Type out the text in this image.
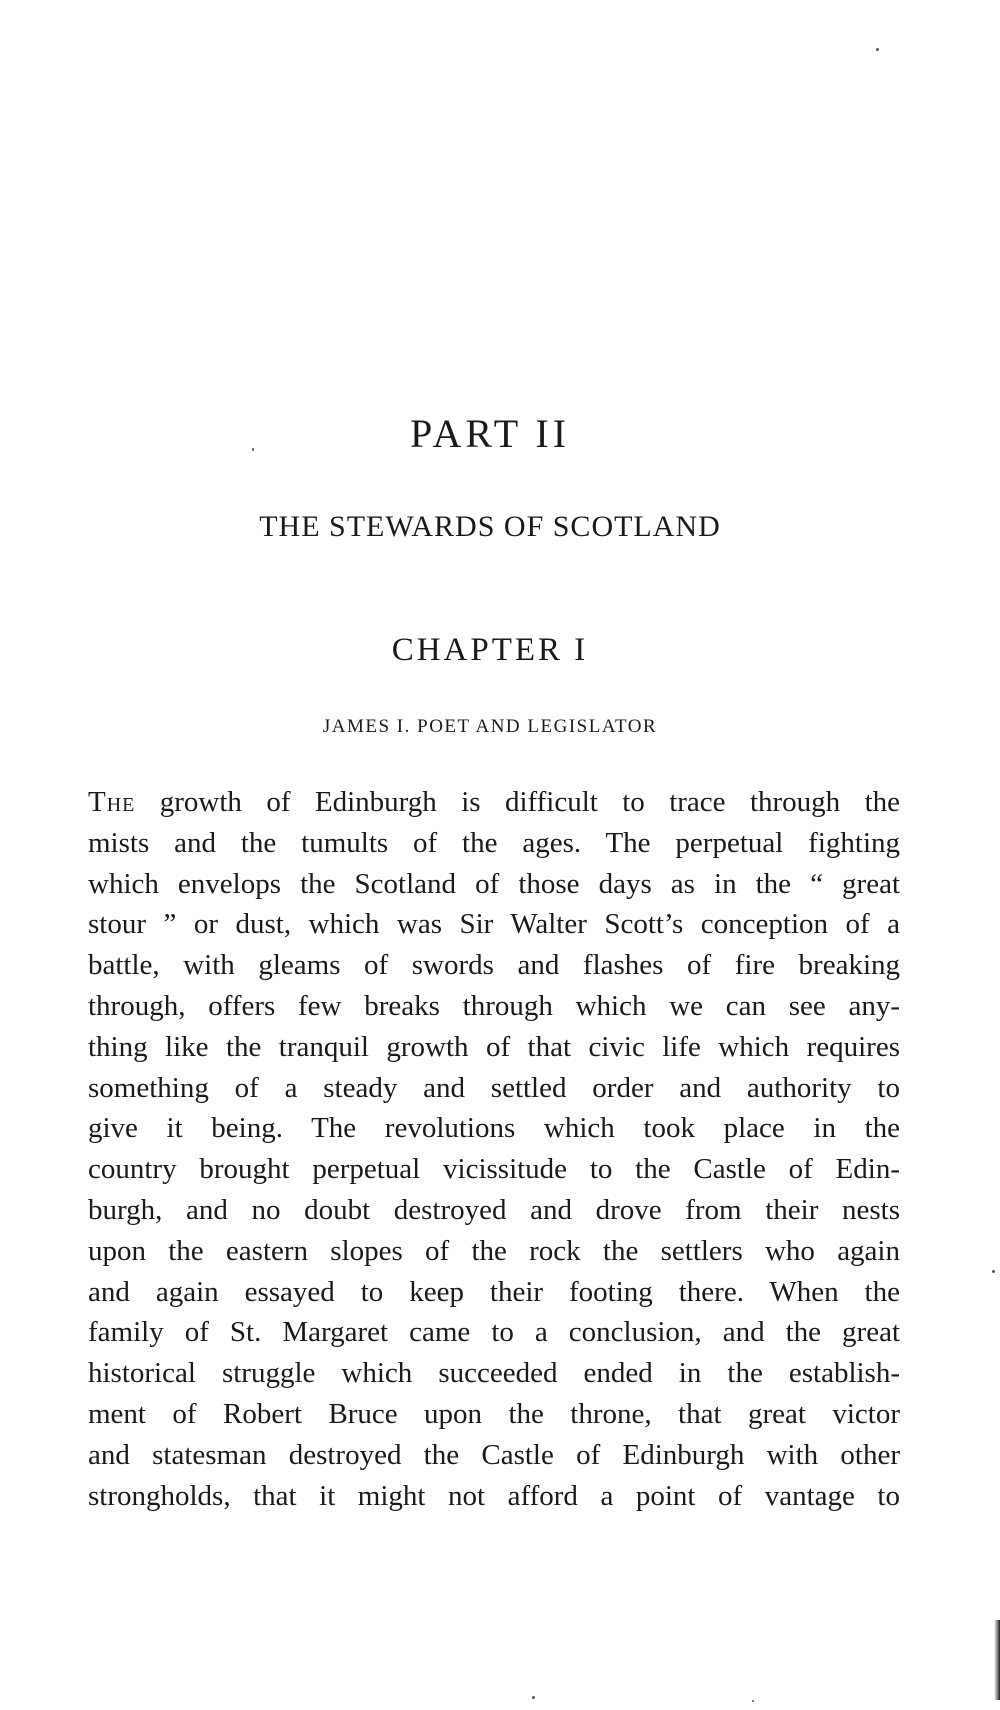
PART II
THE STEWARDS OF SCOTLAND
CHAPTER I
JAMES I. POET AND LEGISLATOR
The growth of Edinburgh is difficult to trace through the
mists and the tumults of the ages. The perpetual fighting
which envelops the Scotland of those days as in the “ great
stour ” or dust, which was Sir Walter Scott’s conception of a
battle, with gleams of swords and flashes of fire breaking
through, offers few breaks through which we can see any-
thing like the tranquil growth of that civic life which requires
something of a steady and settled order and authority to
give it being. The revolutions which took place in the
country brought perpetual vicissitude to the Castle of Edin-
burgh, and no doubt destroyed and drove from their nests
upon the eastern slopes of the rock the settlers who again
and again essayed to keep their footing there. When the
family of St. Margaret came to a conclusion, and the great
historical struggle which succeeded ended in the establish-
ment of Robert Bruce upon the throne, that great victor
and statesman destroyed the Castle of Edinburgh with other
strongholds, that it might not afford a point of vantage to
